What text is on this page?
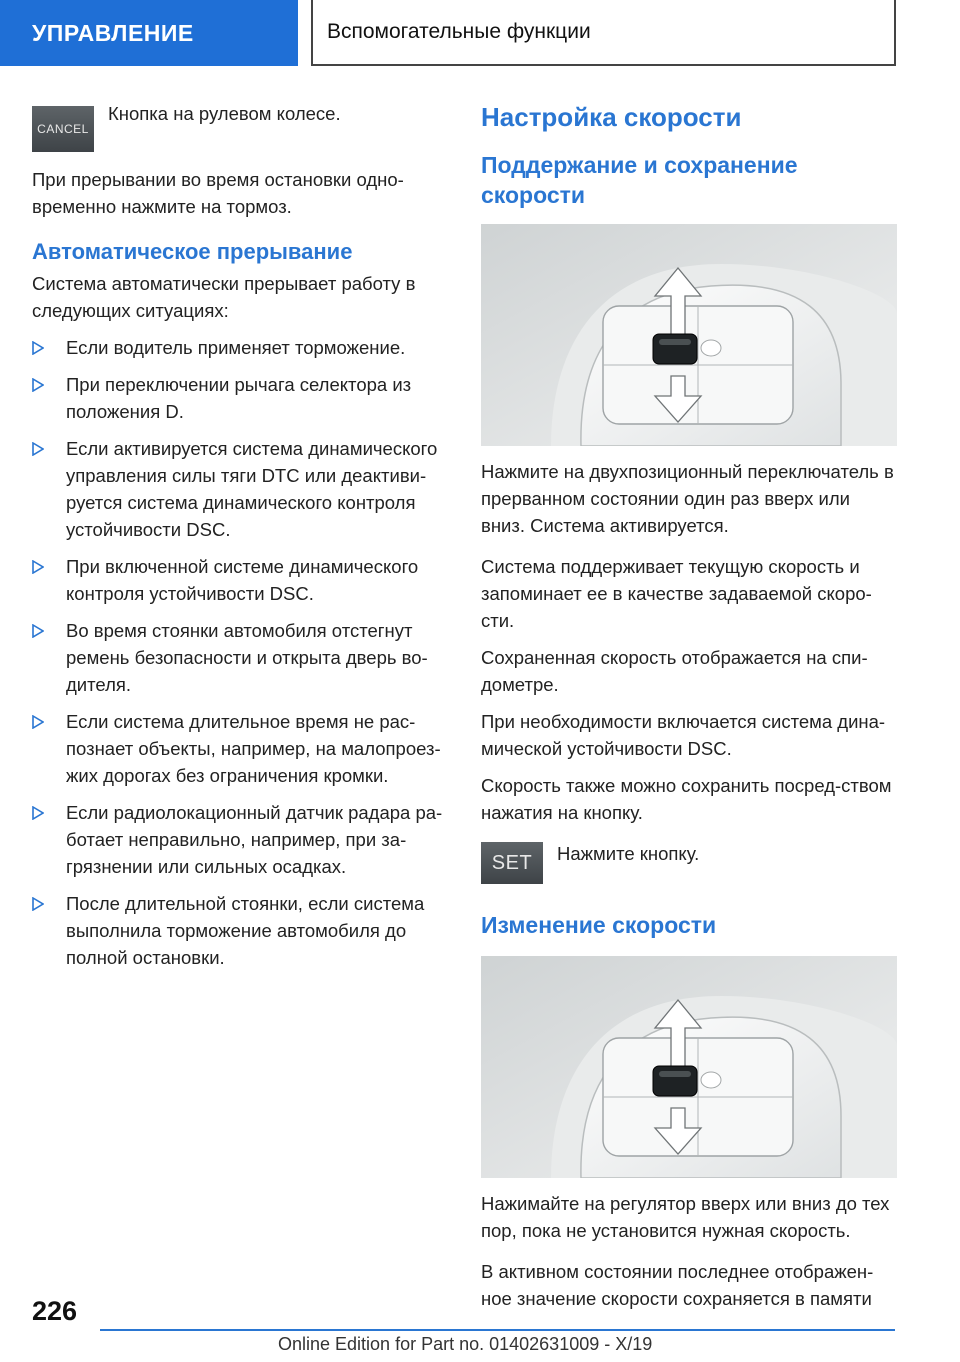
УПРАВЛЕНИЕ	Вспомогательные функции
CANCEL

Кнопка на рулевом колесе.

При прерывании во время остановки одно-временно нажмите на тормоз.

Автоматическое прерывание

Система автоматически прерывает работу в следующих ситуациях:

Если водитель применяет торможение.
При переключении рычага селектора из положения D.
Если активируется система динамического управления силы тяги DTC или деактиви-руется система динамического контроля устойчивости DSC.
При включенной системе динамического контроля устойчивости DSC.
Во время стоянки автомобиля отстегнут ремень безопасности и открыта дверь во-дителя.
Если система длительное время не рас-познает объекты, например, на малопроез-жих дорогах без ограничения кромки.
Если радиолокационный датчик радара ра-ботает неправильно, например, при за-грязнении или сильных осадках.
После длительной стоянки, если система выполнила торможение автомобиля до полной остановки.
Настройка скорости
Поддержание и сохранение скорости

Нажмите на двухпозиционный переключатель в прерванном состоянии один раз вверх или вниз. Система активируется.

Система поддерживает текущую скорость и запоминает ее в качестве задаваемой скоро-сти.

Сохраненная скорость отображается на спи-дометре.

При необходимости включается система дина-мической устойчивости DSC.

Скорость также можно сохранить посред-ством нажатия на кнопку.

SET Нажмите кнопку.

Изменение скорости

Нажимайте на регулятор вверх или вниз до тех пор, пока не установится нужная скорость.

В активном состоянии последнее отображен-ное значение скорости сохраняется в памяти

226
Online Edition for Part no. 01402631009 - X/19
